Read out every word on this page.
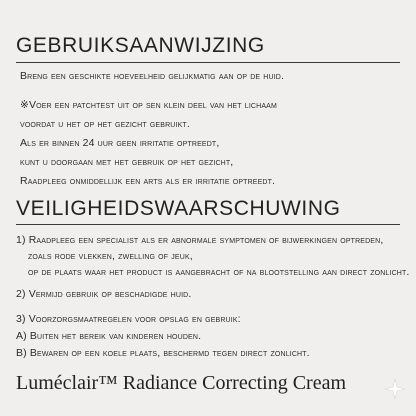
GEBRUIKSAANWIJZING
Breng een geschikte hoeveelheid gelijkmatig aan op de huid.
※Voer een patchtest uit op sen klein deel van het lichaam
voordat u het op het gezicht gebruikt.
Als er binnen 24 uur geen irritatie optreedt,
kunt u doorgaan met het gebruik op het gezicht,
Raadpleeg onmiddellijk een arts als er irritatie optreedt.
VEILIGHEIDSWAARSCHUWING
1) Raadpleeg een specialist als er abnormale symptomen of bijwerkingen optreden,
zoals rode vlekken, zwelling of jeuk,
op de plaats waar het product is aangebracht of na blootstelling aan direct zonlicht.
2) Vermijd gebruik op beschadigde huid.
3) Voorzorgsmaatregelen voor opslag en gebruik:
A) Buiten het bereik van kinderen houden.
B) Bewaren op een koele plaats, beschermd tegen direct zonlicht.
Luméclair™ Radiance Correcting Cream
